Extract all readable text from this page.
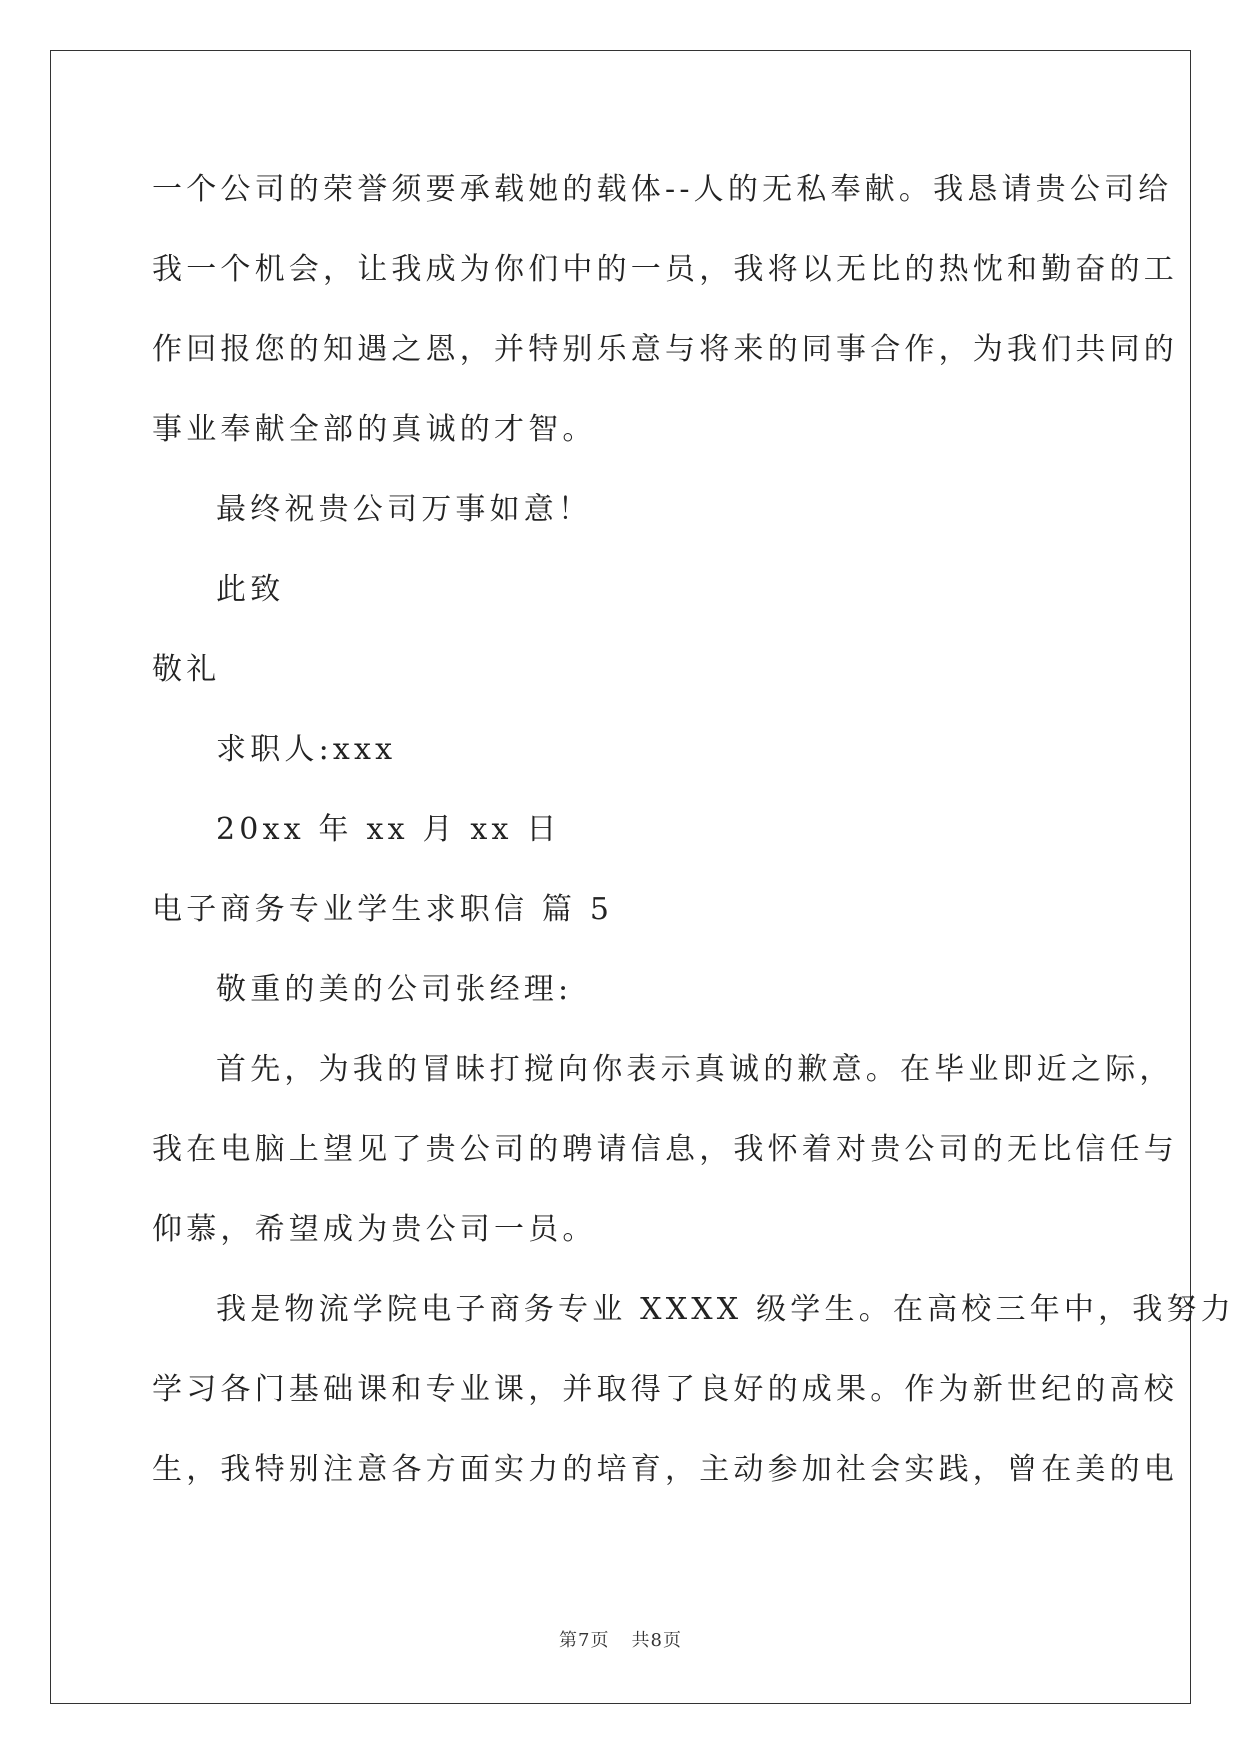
一个公司的荣誉须要承载她的载体--人的无私奉献。我恳请贵公司给
我一个机会，让我成为你们中的一员，我将以无比的热忱和勤奋的工
作回报您的知遇之恩，并特别乐意与将来的同事合作，为我们共同的
事业奉献全部的真诚的才智。
最终祝贵公司万事如意！
此致
敬礼
求职人:xxx
20xx 年 xx 月 xx 日
电子商务专业学生求职信 篇 5
敬重的美的公司张经理:
首先，为我的冒昧打搅向你表示真诚的歉意。在毕业即近之际，
我在电脑上望见了贵公司的聘请信息，我怀着对贵公司的无比信任与
仰慕，希望成为贵公司一员。
我是物流学院电子商务专业 XXXX 级学生。在高校三年中，我努力
学习各门基础课和专业课，并取得了良好的成果。作为新世纪的高校
生，我特别注意各方面实力的培育，主动参加社会实践，曾在美的电
第7页 共8页
